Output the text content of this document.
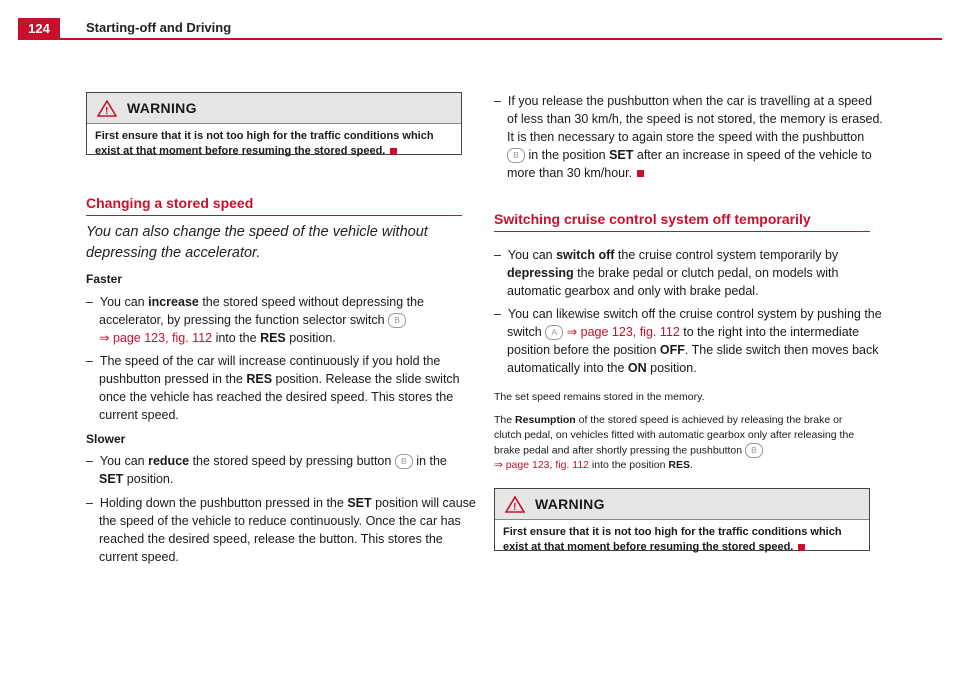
124	Starting-off and Driving
! WARNING
First ensure that it is not too high for the traffic conditions which exist at that moment before resuming the stored speed.
Changing a stored speed
You can also change the speed of the vehicle without depressing the accelerator.
Faster
–  You can increase the stored speed without depressing the accelerator, by pressing the function selector switch B
⇒ page 123, fig. 112 into the RES position.
–  The speed of the car will increase continuously if you hold the pushbutton pressed in the RES position. Release the slide switch once the vehicle has reached the desired speed. This stores the current speed.
Slower
–  You can reduce the stored speed by pressing button B in the
SET position.
–  Holding down the pushbutton pressed in the SET position will cause the speed of the vehicle to reduce continuously. Once the car has reached the desired speed, release the button. This stores the current speed.
–  If you release the pushbutton when the car is travelling at a speed of less than 30 km/h, the speed is not stored, the memory is erased. It is then necessary to again store the speed with the pushbutton B in the position SET after an increase in speed of the vehicle to more than 30 km/hour.
Switching cruise control system off temporarily
–  You can switch off the cruise control system temporarily by depressing the brake pedal or clutch pedal, on models with automatic gearbox and only with brake pedal.
–  You can likewise switch off the cruise control system by pushing the switch A ⇒ page 123, fig. 112 to the right into the intermediate position before the position OFF. The slide switch then moves back automatically into the ON position.
The set speed remains stored in the memory.
The Resumption of the stored speed is achieved by releasing the brake or clutch pedal, on vehicles fitted with automatic gearbox only after releasing the brake pedal and after shortly pressing the pushbutton B
⇒ page 123, fig. 112 into the position RES.
! WARNING
First ensure that it is not too high for the traffic conditions which exist at that moment before resuming the stored speed.
